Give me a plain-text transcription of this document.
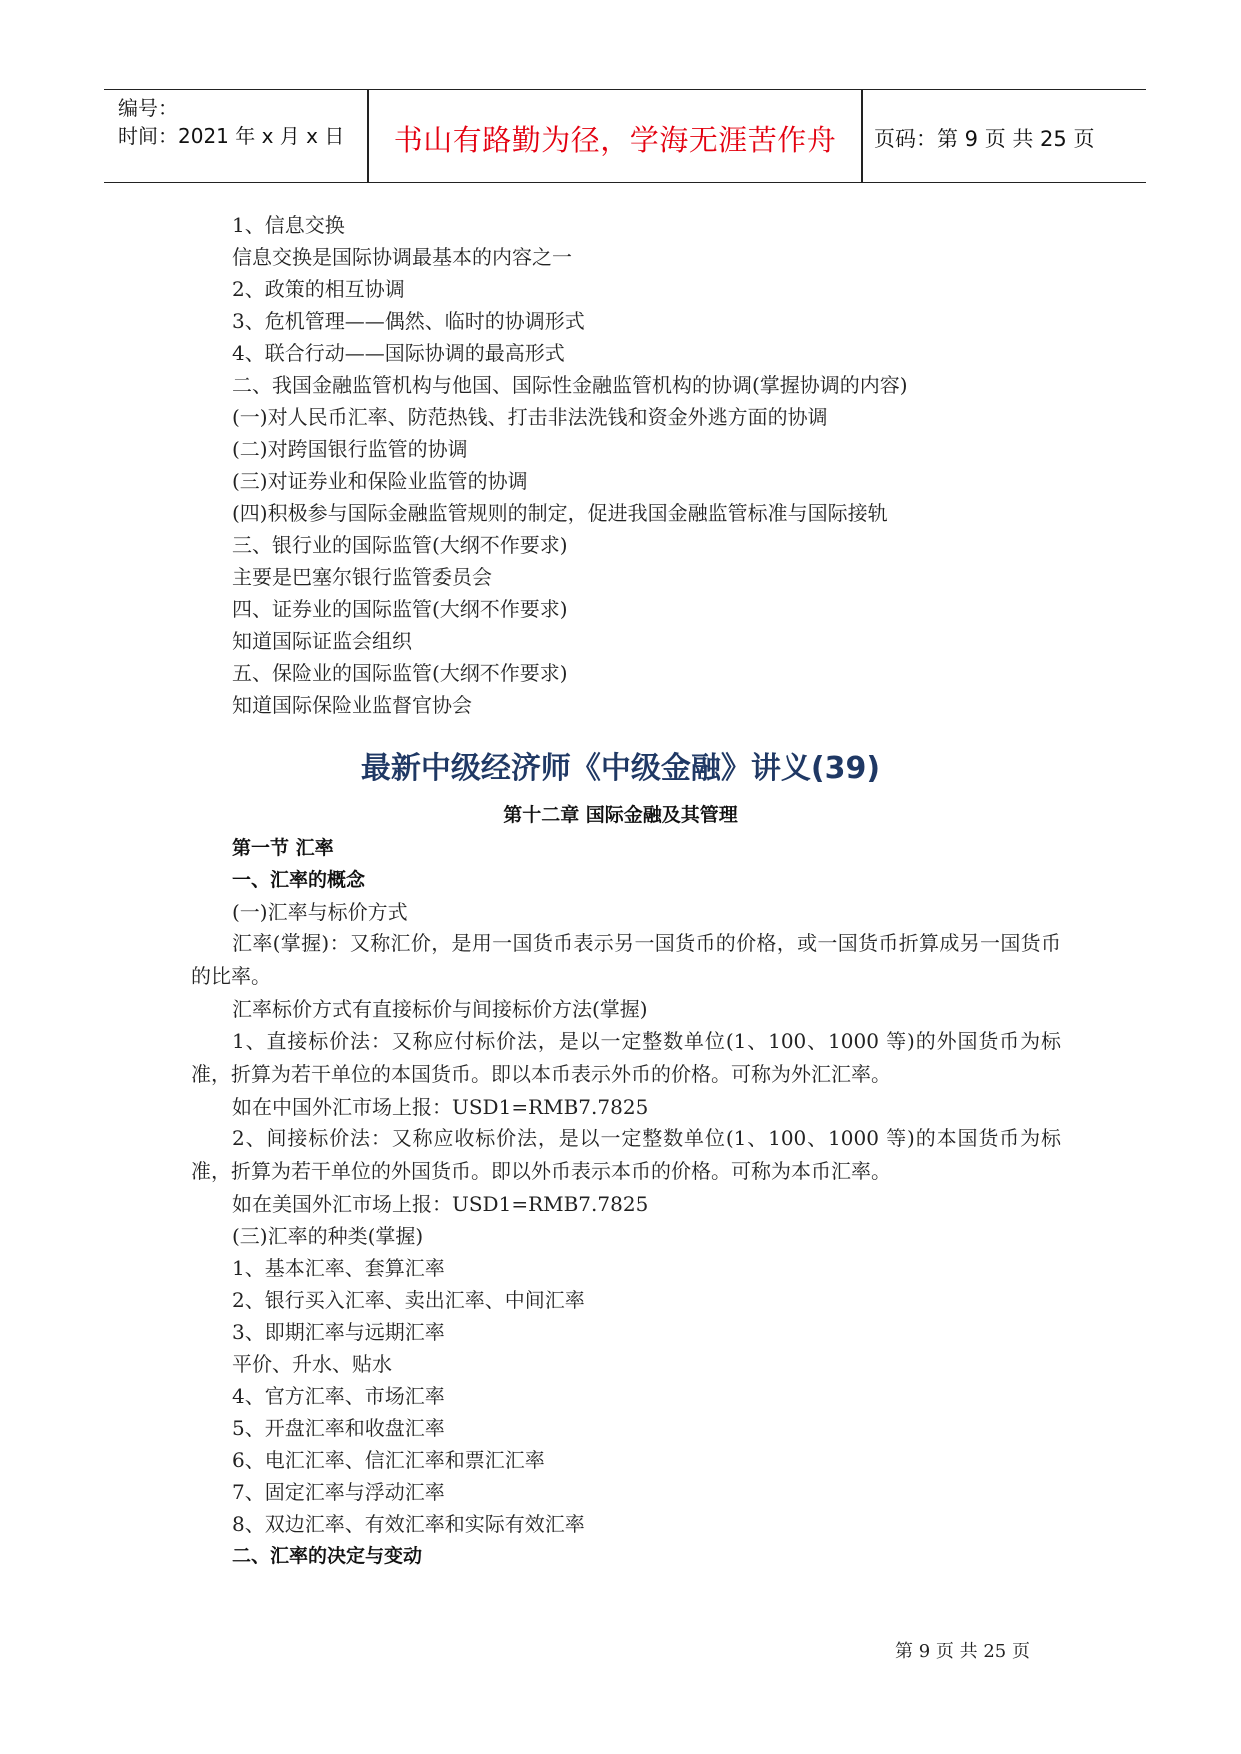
编号：
时间：2021 年 x 月 x 日	书山有路勤为径，学海无涯苦作舟	页码：第 9 页 共 25 页
1、信息交换
信息交换是国际协调最基本的内容之一
2、政策的相互协调
3、危机管理——偶然、临时的协调形式
4、联合行动——国际协调的最高形式
二、我国金融监管机构与他国、国际性金融监管机构的协调(掌握协调的内容)
(一)对人民币汇率、防范热钱、打击非法洗钱和资金外逃方面的协调
(二)对跨国银行监管的协调
(三)对证券业和保险业监管的协调
(四)积极参与国际金融监管规则的制定，促进我国金融监管标准与国际接轨
三、银行业的国际监管(大纲不作要求)
主要是巴塞尔银行监管委员会
四、证券业的国际监管(大纲不作要求)
知道国际证监会组织
五、保险业的国际监管(大纲不作要求)
知道国际保险业监督官协会
最新中级经济师《中级金融》讲义(39)
第十二章 国际金融及其管理
第一节 汇率
一、汇率的概念
(一)汇率与标价方式
汇率(掌握)：又称汇价，是用一国货币表示另一国货币的价格，或一国货币折算成另一国货币的比率。
汇率标价方式有直接标价与间接标价方法(掌握)
1、直接标价法：又称应付标价法，是以一定整数单位(1、100、1000 等)的外国货币为标准，折算为若干单位的本国货币。即以本币表示外币的价格。可称为外汇汇率。
如在中国外汇市场上报：USD1=RMB7.7825
2、间接标价法：又称应收标价法，是以一定整数单位(1、100、1000 等)的本国货币为标准，折算为若干单位的外国货币。即以外币表示本币的价格。可称为本币汇率。
如在美国外汇市场上报：USD1=RMB7.7825
(三)汇率的种类(掌握)
1、基本汇率、套算汇率
2、银行买入汇率、卖出汇率、中间汇率
3、即期汇率与远期汇率
平价、升水、贴水
4、官方汇率、市场汇率
5、开盘汇率和收盘汇率
6、电汇汇率、信汇汇率和票汇汇率
7、固定汇率与浮动汇率
8、双边汇率、有效汇率和实际有效汇率
二、汇率的决定与变动
第 9 页 共 25 页
